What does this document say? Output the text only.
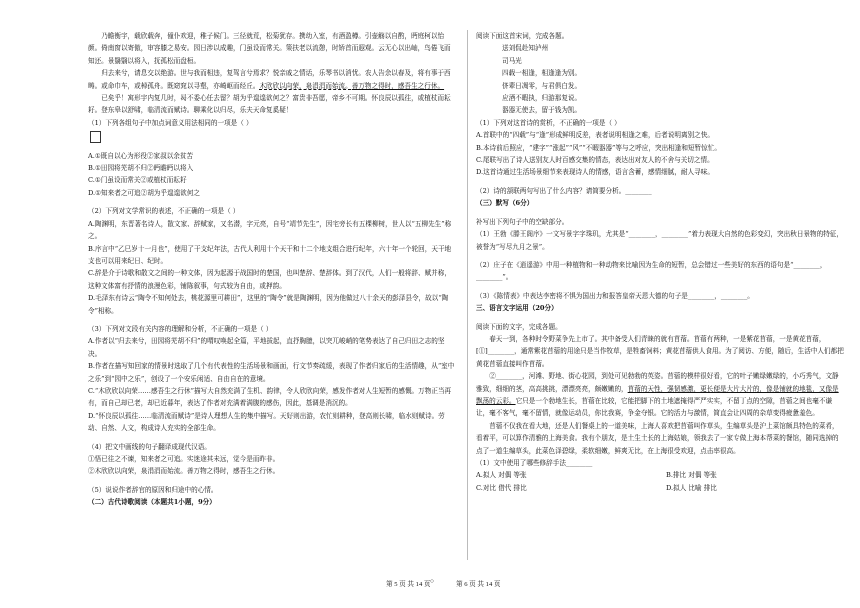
乃瞻衡宇，载欣载奔，僮仆欢迎，稚子候门。三径就荒，松菊犹存。携幼入室，有酒盈樽。引壶觞以自酌，眄庭柯以怡颜。倚南窗以寄傲，审容膝之易安。园日涉以成趣，门虽设而常关。策扶老以流憩，时矫首而遐观。云无心以出岫，鸟倦飞而知还。景翳翳以将入，抚孤松而盘桓。

归去来兮，请息交以绝游。世与我而相违，复驾言兮焉求？悦亲戚之情话，乐琴书以消忧。农人告余以春及，将有事于西畴。或命巾车，或棹孤舟。既窈窕以寻壑，亦崎岖而经丘。木欣欣以向荣，泉涓涓而始流。善万物之得时，感吾生之行休。

已矣乎！寓形宇内复几时，曷不委心任去留？胡为乎遑遑欲何之？富贵非吾愿，帝乡不可期。怀良辰以孤往，或植杖而耘耔。登东皋以舒啸，临清流而赋诗。聊乘化以归尽，乐夫天命复奚疑！

（1）下列各组句子中加点词意义用法相同的一项是（ ）

A.①既自以心为形役②家叔以余贫苦

B.①田园将芜胡不归②眄瞻眄以将入

C.①门虽设而常关②或植杖而耘耔

D.①知来者之可追②胡为乎遑遑欲何之

（2）下列对文学常识的表述，不正确的一项是（ ）

A.陶渊明，东晋著名诗人，散文家、辞赋家，又名潜，字元亮，自号“靖节先生”，因宅旁长有五棵柳树，世人以“五柳先生”称之。

B.序言中“乙巳岁十一月也”，使用了干支纪年法，古代人利用十个天干和十二个地支组合进行纪年，六十年一个轮回，天干地支也可以用来纪日、纪时。

C.辞是介于诗歌和散文之间的一种文体，因为起源于战国时的楚国，也叫楚辞、楚辞体。到了汉代，人们一般将辞、赋并称，这种文体富有抒情的浪漫色彩，铺陈叙事，句式较为自由，或押韵。

D.毛泽东有诗云“陶令不知何处去，桃花源里可耕田”，这里的“陶令”就是陶渊明，因为他做过八十余天的彭泽县令，故以“陶令”相称。

（3）下列对文段有关内容的理解和分析，不正确的一项是（ ）

A.作者以“归去来兮，田园将芜胡不归”的喟叹唤起全篇，平地拔起，直抒胸臆，以突兀峻峭的笔势表达了自己归田之志的坚决。

B.作者在描写知回家的情景时选取了几个有代表性的生活场景和画面，行文节奏疏缓，表现了作者归家后的生活情趣，从“室中之乐”到“园中之乐”，创设了一个安乐闲适、自由自在的意境。

C.“木欣欣以向荣……感吾生之行休”描写大自然充满了生机、韵律，令人欣欣向荣，感发作者对人生短暂的感慨。万物正当再有，而自己却已老，却已近暮年，表达了作者对充满着满腹的感伤，因此，基调是消沉的。

D.“怀良辰以孤往……临清流而赋诗”是诗人理想人生的集中描写。天好则出游，农忙则耕种，登高则长啸，临水则赋诗。劳动、自然、人文，构成诗人充实的全部生命。

（4）把文中画线的句子翻译成现代汉语。

①悟已往之不谏，知来者之可追。实迷途其未远，觉今是而昨非。

②木欣欣以向荣，泉涓涓而始流。善万物之得时，感吾生之行休。

（5）说说作者辞官的原因和归途中的心情。

（二）古代诗歌阅读（本题共1小题，9分）

阅读下面这首宋词，完成各题。

送刘侃赴知泸州

司马光

四载一相逢，相逢逢为别。

侪辈日凋零，与君俱白发。

应酒不暇执，归游那复说。

器器无使去，留于钱为凯。

（1）下列对这首诗的赏析，不正确的一项是（ ）

A.首联中的“四载”与“逢”形成鲜明反差，表者说明相逢之难，后者说明离别之快。

B.本诗前后照应，“建字”“涨起”“风”“不暇器器”等与之呼应，突出相逢和短暂惊忙。

C.尾联写出了诗人送别友人时百感交集的情态，表达出对友人的不舍与关切之情。

D.这首诗通过生活场景细节来表现诗人的情感，语言含蓄，感情细腻，耐人寻味。

（2）诗的颔联两句写出了什么内容？请简要分析。________

（三）默写（6分）

补写出下列句子中的空缺部分。

（1）王勃《滕王阁序》一文写景字字珠玑，尤其是“________，________”着力表现大自然的色彩变幻，突出秋日景物的特征，被誉为“写尽九月之景”。

（2）庄子在《逍遥游》中用一种植物和一种动物来比喻因为生命的短暂，总会错过一些美好的东西的语句是“________，________”。

（3）《陈情表》中表达李密将不惧为国出力和报答皇帝天恩大德的句子是________，________。

三、语言文字运用（20分）

阅读下面的文字，完成各题。

春天一到，各种时令野菜争先上市了。其中备受人们青睐的就有苜蓿。苜蓿有两种，一是紫花苜蓿，一是黄花苜蓿，[①]________，通常紫花苜蓿的用途只是当作牧草，是牲畜饲料；黄花苜蓿供人食用。为了阅访、方便，随后，生活中人们都把黄花苜蓿直接叫作苜蓿。

②________，河滩、野地、街心花园，到处可见勃勃的英姿。苜蓿的模样很好看，它的叶子嫩绿嫩绿的，小巧秀气，文静雅致，细细的茎，高高挑挑，漂漂亮亮，颇嫩嫩的，苜蓿的天性，强韧感激，更长便是大片大片的，像是铺就的地毯，又像是飘荡的云彩。它只是一个勃地生长，苜蓿在比较，它能把脚下的土地遮掩得严严实实，不留丁点的空隙，苜蓿之间也毫不谦让，毫不客气，毫不留情，就像运动员，你比我赛，争金夺银。它的活力与激情，简直会让四周的杂草变得疲惫羞色。

苜蓿不仅我在看大地，还是人们餐桌上的一道美味，上海人喜欢把苜蓿叫作草头，生编草头是沪上菜馆颇具特色的菜肴，看着平，可以算作清雅的上海美食。我有个朋友，是土生土长的上海姑娘，领我去了一家专做上海本帮菜的餐馆，随同选掉的点了一道生编草头，此菜色泽碧绿，柔软细嫩，鲜爽无比，在上海很受欢迎，点击率很高。

（1）文中使用了哪些修辞手法________

A.拟人 对偶 等张	B.排比 对偶 等张

C.对比 借代 排比	D.拟人 比喻 排比

第 5 页 共 14 页 ○	第 6 页 共 14 页
